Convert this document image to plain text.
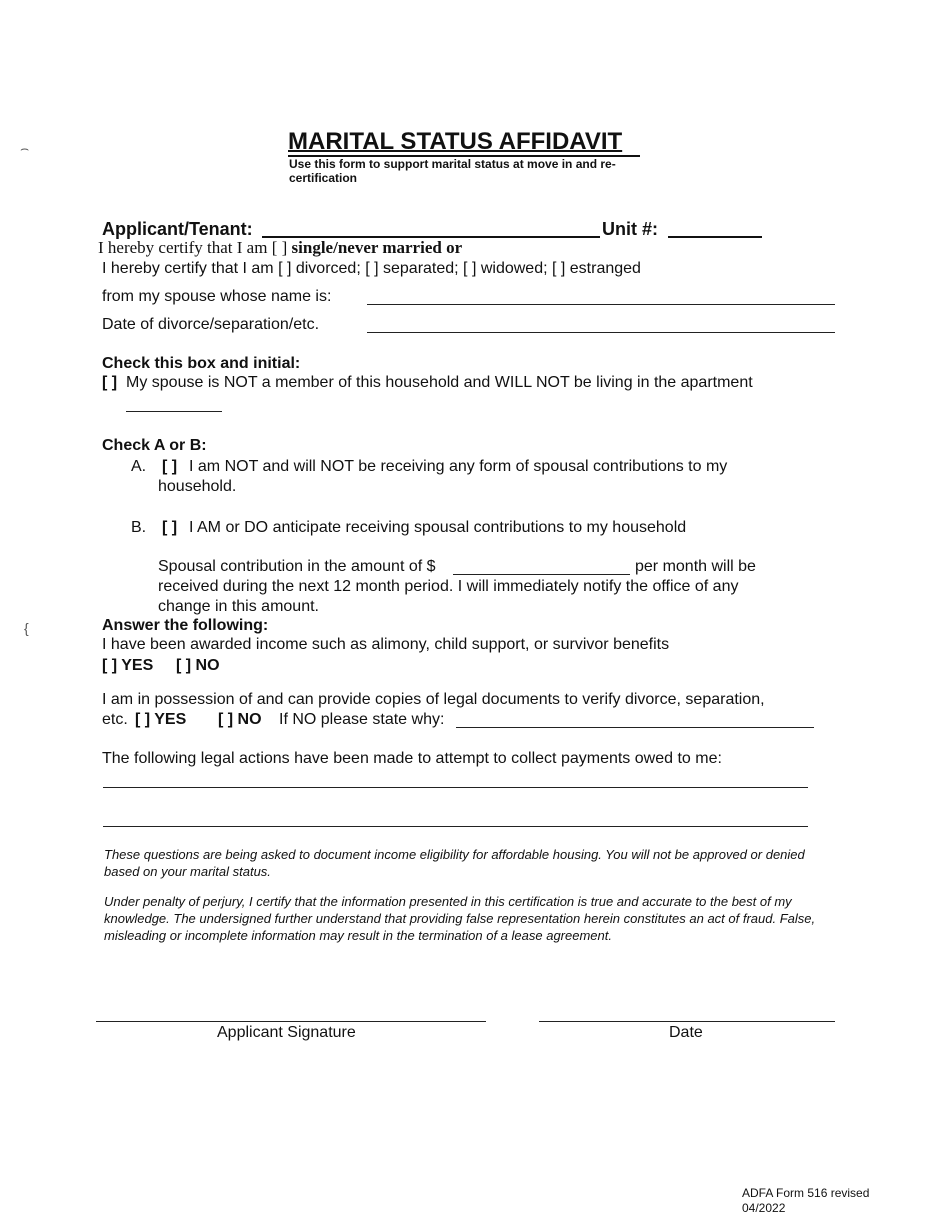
⌢
{
MARITAL STATUS AFFIDAVIT
Use this form to support marital status at move in and re-certification
Applicant/Tenant:	Unit #:
I hereby certify that I am [ ] single/never married or
I hereby certify that I am [ ] divorced; [ ] separated; [ ] widowed; [ ] estranged
from my spouse whose name is:
Date of divorce/separation/etc.
Check this box and initial:
[ ] My spouse is NOT a member of this household and WILL NOT be living in the apartment
Check A or B:
A. [ ] I am NOT and will NOT be receiving any form of spousal contributions to my
household.
B. [ ] I AM or DO anticipate receiving spousal contributions to my household
Spousal contribution in the amount of $	per month will be
received during the next 12 month period. I will immediately notify the office of any
change in this amount.
Answer the following:
I have been awarded income such as alimony, child support, or survivor benefits
[ ] YES [ ] NO
I am in possession of and can provide copies of legal documents to verify divorce, separation,
etc. [ ] YES [ ] NO If NO please state why:
The following legal actions have been made to attempt to collect payments owed to me:
These questions are being asked to document income eligibility for affordable housing. You will not be approved or denied based on your marital status.
Under penalty of perjury, I certify that the information presented in this certification is true and accurate to the best of my knowledge. The undersigned further understand that providing false representation herein constitutes an act of fraud. False, misleading or incomplete information may result in the termination of a lease agreement.
Applicant Signature	Date
ADFA Form 516 revised
04/2022
